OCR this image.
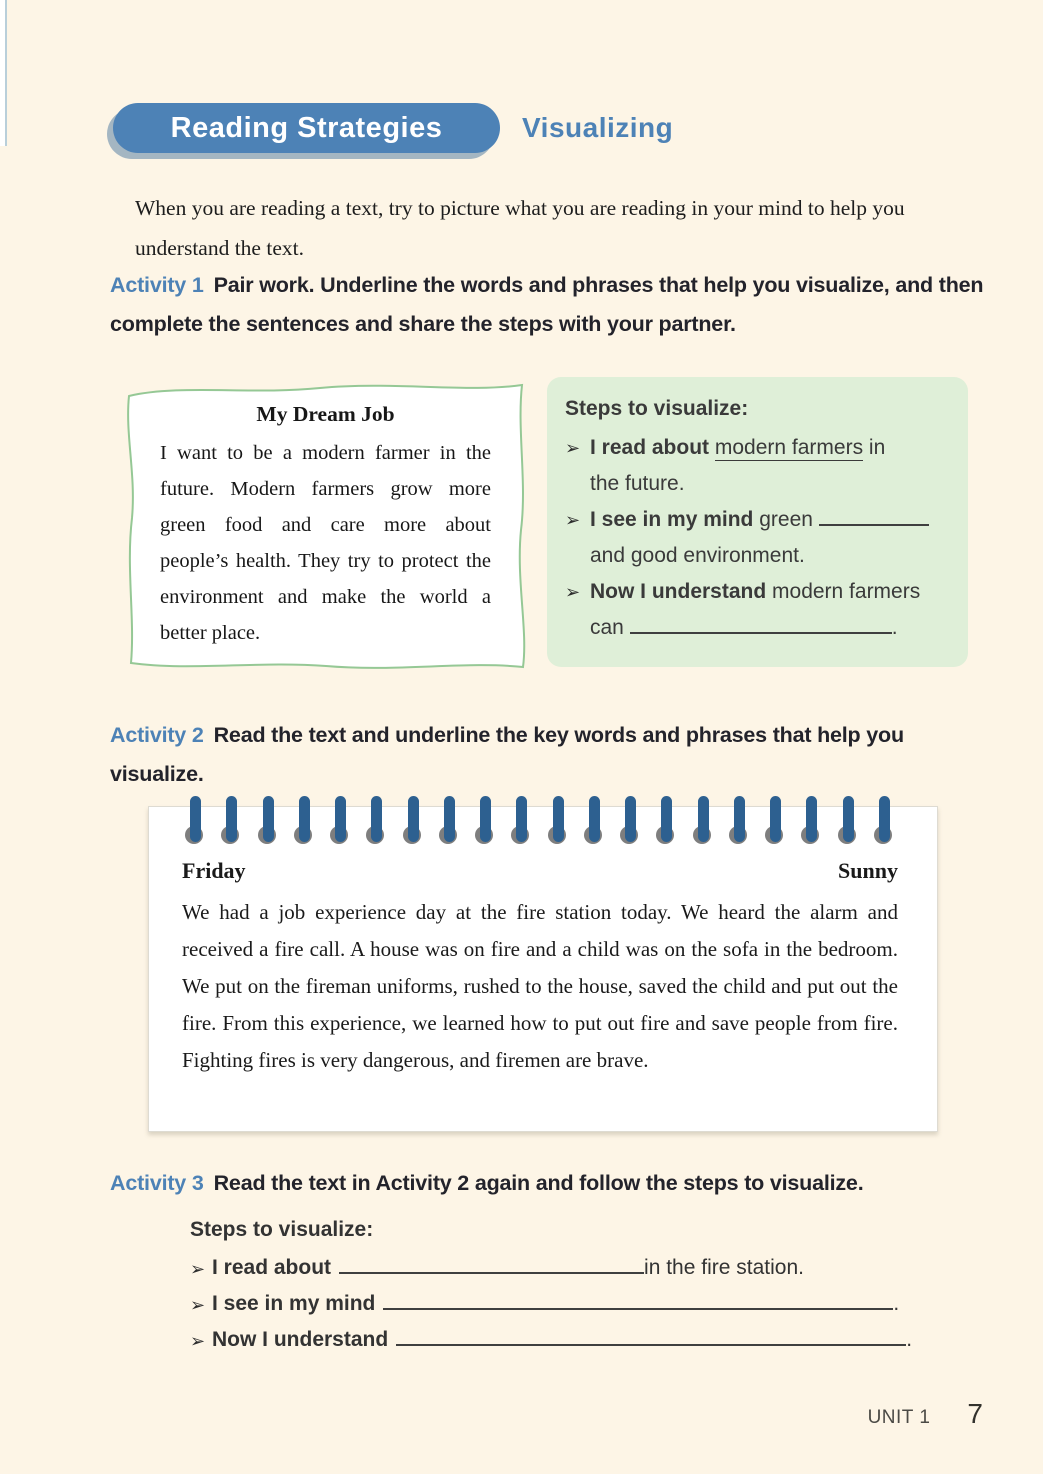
Reading Strategies	Visualizing

When you are reading a text, try to picture what you are reading in your mind to help you understand the text.

Activity 1 Pair work. Underline the words and phrases that help you visualize, and then complete the sentences and share the steps with your partner.

My Dream Job
I want to be a modern farmer in the future. Modern farmers grow more green food and care more about people’s health. They try to protect the environment and make the world a better place.
Steps to visualize:
➢ I read about modern farmers in
the future.
➢ I see in my mind green
and good environment.
➢ Now I understand modern farmers
can	.

Activity 2 Read the text and underline the key words and phrases that help you visualize.

Friday	Sunny
We had a job experience day at the fire station today. We heard the alarm and received a fire call. A house was on fire and a child was on the sofa in the bedroom. We put on the fireman uniforms, rushed to the house, saved the child and put out the fire. From this experience, we learned how to put out fire and save people from fire. Fighting fires is very dangerous, and firemen are brave.

Activity 3 Read the text in Activity 2 again and follow the steps to visualize.

Steps to visualize:

➢ I read about	in the fire station.

➢ I see in my mind	.

➢ Now I understand	.

UNIT 1 7
